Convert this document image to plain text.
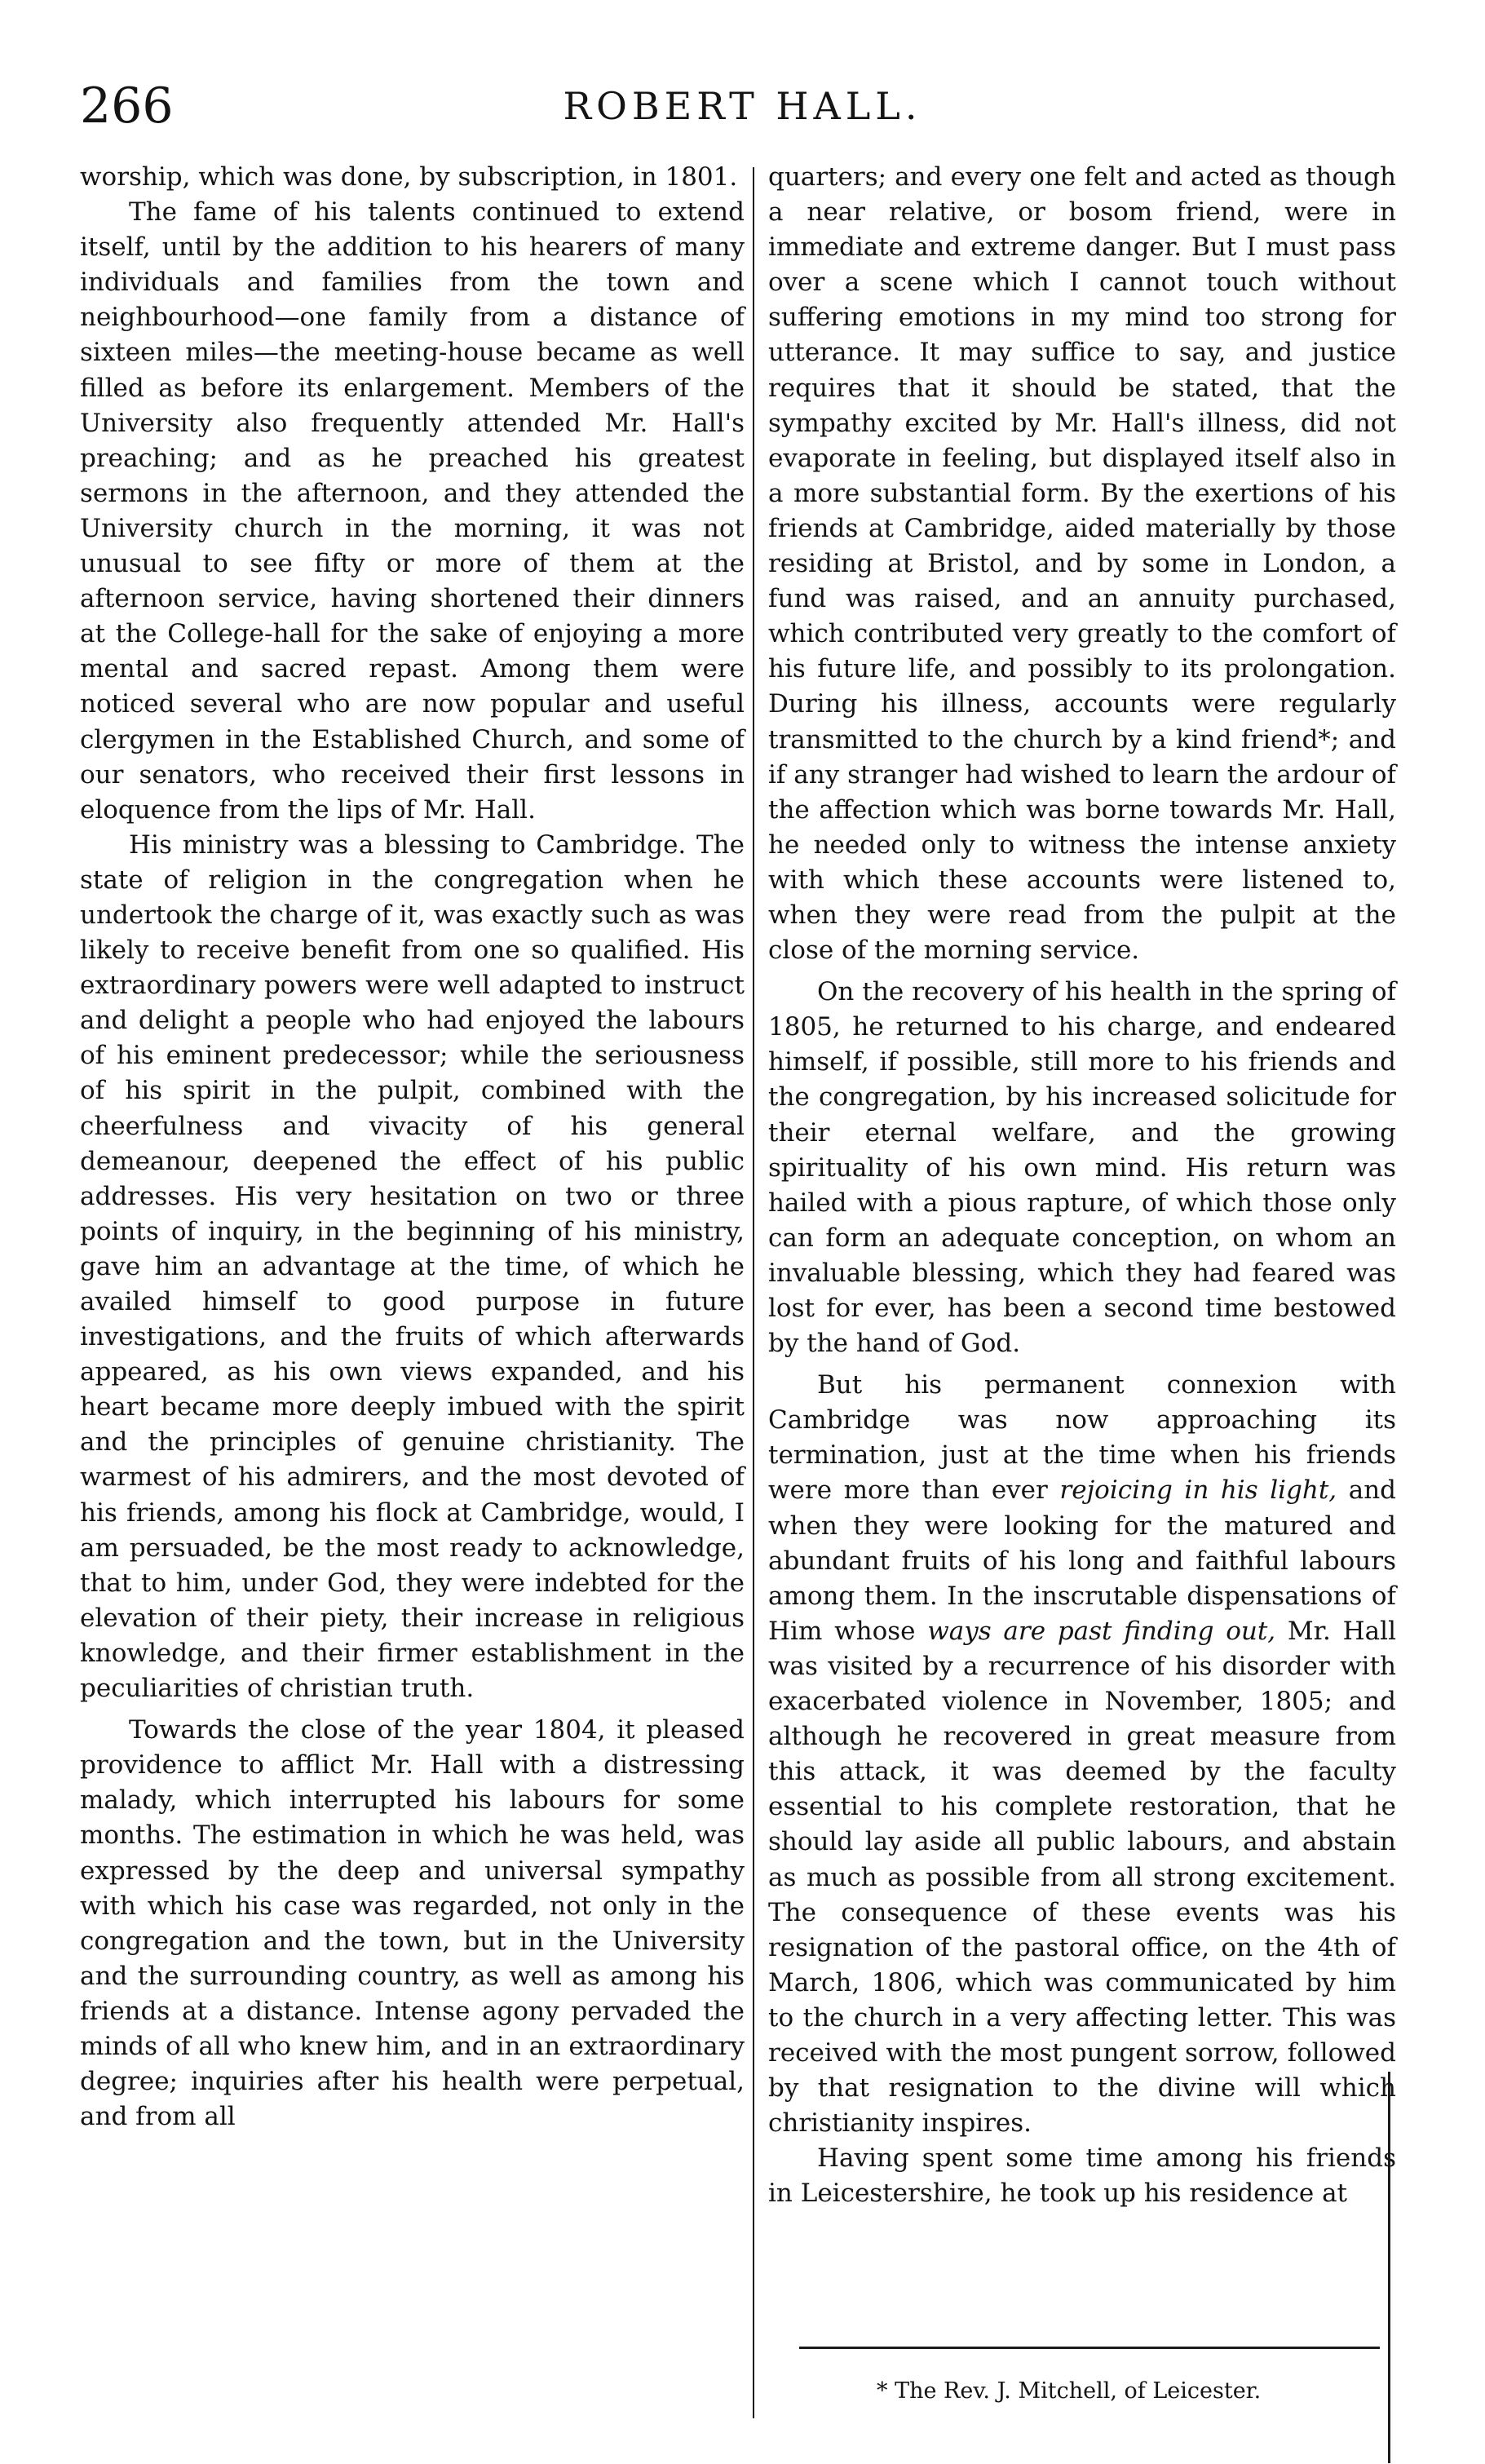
266	ROBERT HALL.

worship, which was done, by subscription, in 1801.

The fame of his talents continued to extend itself, until by the addition to his hearers of many individuals and families from the town and neighbourhood—one family from a distance of sixteen miles—the meeting-house became as well filled as before its enlargement. Members of the University also frequently attended Mr. Hall's preaching; and as he preached his greatest sermons in the afternoon, and they attended the University church in the morning, it was not unusual to see fifty or more of them at the afternoon service, having shortened their dinners at the College-hall for the sake of enjoying a more mental and sacred repast. Among them were noticed several who are now popular and useful clergymen in the Established Church, and some of our senators, who received their first lessons in eloquence from the lips of Mr. Hall.

His ministry was a blessing to Cambridge. The state of religion in the congregation when he undertook the charge of it, was exactly such as was likely to receive benefit from one so qualified. His extraordinary powers were well adapted to instruct and delight a people who had enjoyed the labours of his eminent predecessor; while the seriousness of his spirit in the pulpit, combined with the cheerfulness and vivacity of his general demeanour, deepened the effect of his public addresses. His very hesitation on two or three points of inquiry, in the beginning of his ministry, gave him an advantage at the time, of which he availed himself to good purpose in future investigations, and the fruits of which afterwards appeared, as his own views expanded, and his heart became more deeply imbued with the spirit and the principles of genuine christianity. The warmest of his admirers, and the most devoted of his friends, among his flock at Cambridge, would, I am persuaded, be the most ready to acknowledge, that to him, under God, they were indebted for the elevation of their piety, their increase in religious knowledge, and their firmer establishment in the peculiarities of christian truth.

Towards the close of the year 1804, it pleased providence to afflict Mr. Hall with a distressing malady, which interrupted his labours for some months. The estimation in which he was held, was expressed by the deep and universal sympathy with which his case was regarded, not only in the congregation and the town, but in the University and the surrounding country, as well as among his friends at a distance. Intense agony pervaded the minds of all who knew him, and in an extraordinary degree; inquiries after his health were perpetual, and from all

quarters; and every one felt and acted as though a near relative, or bosom friend, were in immediate and extreme danger. But I must pass over a scene which I cannot touch without suffering emotions in my mind too strong for utterance. It may suffice to say, and justice requires that it should be stated, that the sympathy excited by Mr. Hall's illness, did not evaporate in feeling, but displayed itself also in a more substantial form. By the exertions of his friends at Cambridge, aided materially by those residing at Bristol, and by some in London, a fund was raised, and an annuity purchased, which contributed very greatly to the comfort of his future life, and possibly to its prolongation. During his illness, accounts were regularly transmitted to the church by a kind friend*; and if any stranger had wished to learn the ardour of the affection which was borne towards Mr. Hall, he needed only to witness the intense anxiety with which these accounts were listened to, when they were read from the pulpit at the close of the morning service.

On the recovery of his health in the spring of 1805, he returned to his charge, and endeared himself, if possible, still more to his friends and the congregation, by his increased solicitude for their eternal welfare, and the growing spirituality of his own mind. His return was hailed with a pious rapture, of which those only can form an adequate conception, on whom an invaluable blessing, which they had feared was lost for ever, has been a second time bestowed by the hand of God.

But his permanent connexion with Cambridge was now approaching its termination, just at the time when his friends were more than ever rejoicing in his light, and when they were looking for the matured and abundant fruits of his long and faithful labours among them. In the inscrutable dispensations of Him whose ways are past finding out, Mr. Hall was visited by a recurrence of his disorder with exacerbated violence in November, 1805; and although he recovered in great measure from this attack, it was deemed by the faculty essential to his complete restoration, that he should lay aside all public labours, and abstain as much as possible from all strong excitement. The consequence of these events was his resignation of the pastoral office, on the 4th of March, 1806, which was communicated by him to the church in a very affecting letter. This was received with the most pungent sorrow, followed by that resignation to the divine will which christianity inspires.

Having spent some time among his friends in Leicestershire, he took up his residence at

* The Rev. J. Mitchell, of Leicester.
